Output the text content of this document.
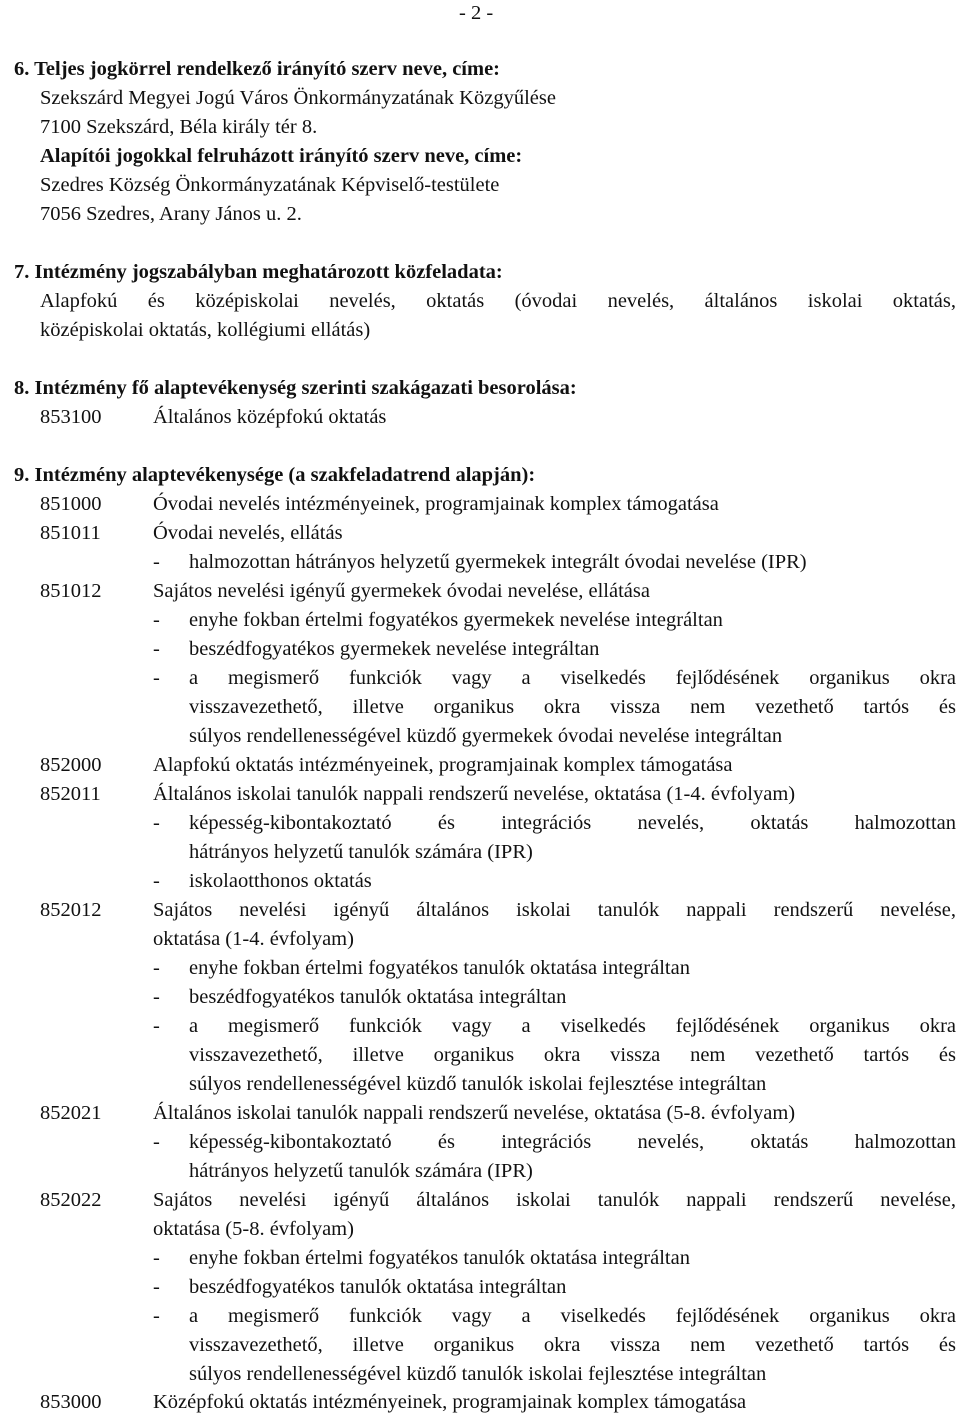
- 2 -
6. Teljes jogkörrel rendelkező irányító szerv neve, címe:
Szekszárd Megyei Jogú Város Önkormányzatának Közgyűlése
7100 Szekszárd, Béla király tér 8.
Alapítói jogokkal felruházott irányító szerv neve, címe:
Szedres Község Önkormányzatának Képviselő-testülete
7056 Szedres, Arany János u. 2.
7. Intézmény jogszabályban meghatározott közfeladata:
Alapfokú és középiskolai nevelés, oktatás (óvodai nevelés, általános iskolai oktatás,
középiskolai oktatás, kollégiumi ellátás)
8. Intézmény fő alaptevékenység szerinti szakágazati besorolása:
853100	Általános középfokú oktatás
9. Intézmény alaptevékenysége (a szakfeladatrend alapján):
851000	Óvodai nevelés intézményeinek, programjainak komplex támogatása
851011	Óvodai nevelés, ellátás
- halmozottan hátrányos helyzetű gyermekek integrált óvodai nevelése (IPR)
851012	Sajátos nevelési igényű gyermekek óvodai nevelése, ellátása
- enyhe fokban értelmi fogyatékos gyermekek nevelése integráltan
- beszédfogyatékos gyermekek nevelése integráltan
- a megismerő funkciók vagy a viselkedés fejlődésének organikus okra
visszavezethető, illetve organikus okra vissza nem vezethető tartós és
súlyos rendellenességével küzdő gyermekek óvodai nevelése integráltan
852000	Alapfokú oktatás intézményeinek, programjainak komplex támogatása
852011	Általános iskolai tanulók nappali rendszerű nevelése, oktatása (1-4. évfolyam)
- képesség-kibontakoztató és integrációs nevelés, oktatás halmozottan
hátrányos helyzetű tanulók számára (IPR)
- iskolaotthonos oktatás
852012	Sajátos nevelési igényű általános iskolai tanulók nappali rendszerű nevelése,
oktatása (1-4. évfolyam)
- enyhe fokban értelmi fogyatékos tanulók oktatása integráltan
- beszédfogyatékos tanulók oktatása integráltan
- a megismerő funkciók vagy a viselkedés fejlődésének organikus okra
visszavezethető, illetve organikus okra vissza nem vezethető tartós és
súlyos rendellenességével küzdő tanulók iskolai fejlesztése integráltan
852021	Általános iskolai tanulók nappali rendszerű nevelése, oktatása (5-8. évfolyam)
- képesség-kibontakoztató és integrációs nevelés, oktatás halmozottan
hátrányos helyzetű tanulók számára (IPR)
852022	Sajátos nevelési igényű általános iskolai tanulók nappali rendszerű nevelése,
oktatása (5-8. évfolyam)
- enyhe fokban értelmi fogyatékos tanulók oktatása integráltan
- beszédfogyatékos tanulók oktatása integráltan
- a megismerő funkciók vagy a viselkedés fejlődésének organikus okra
visszavezethető, illetve organikus okra vissza nem vezethető tartós és
súlyos rendellenességével küzdő tanulók iskolai fejlesztése integráltan
853000	Középfokú oktatás intézményeinek, programjainak komplex támogatása
